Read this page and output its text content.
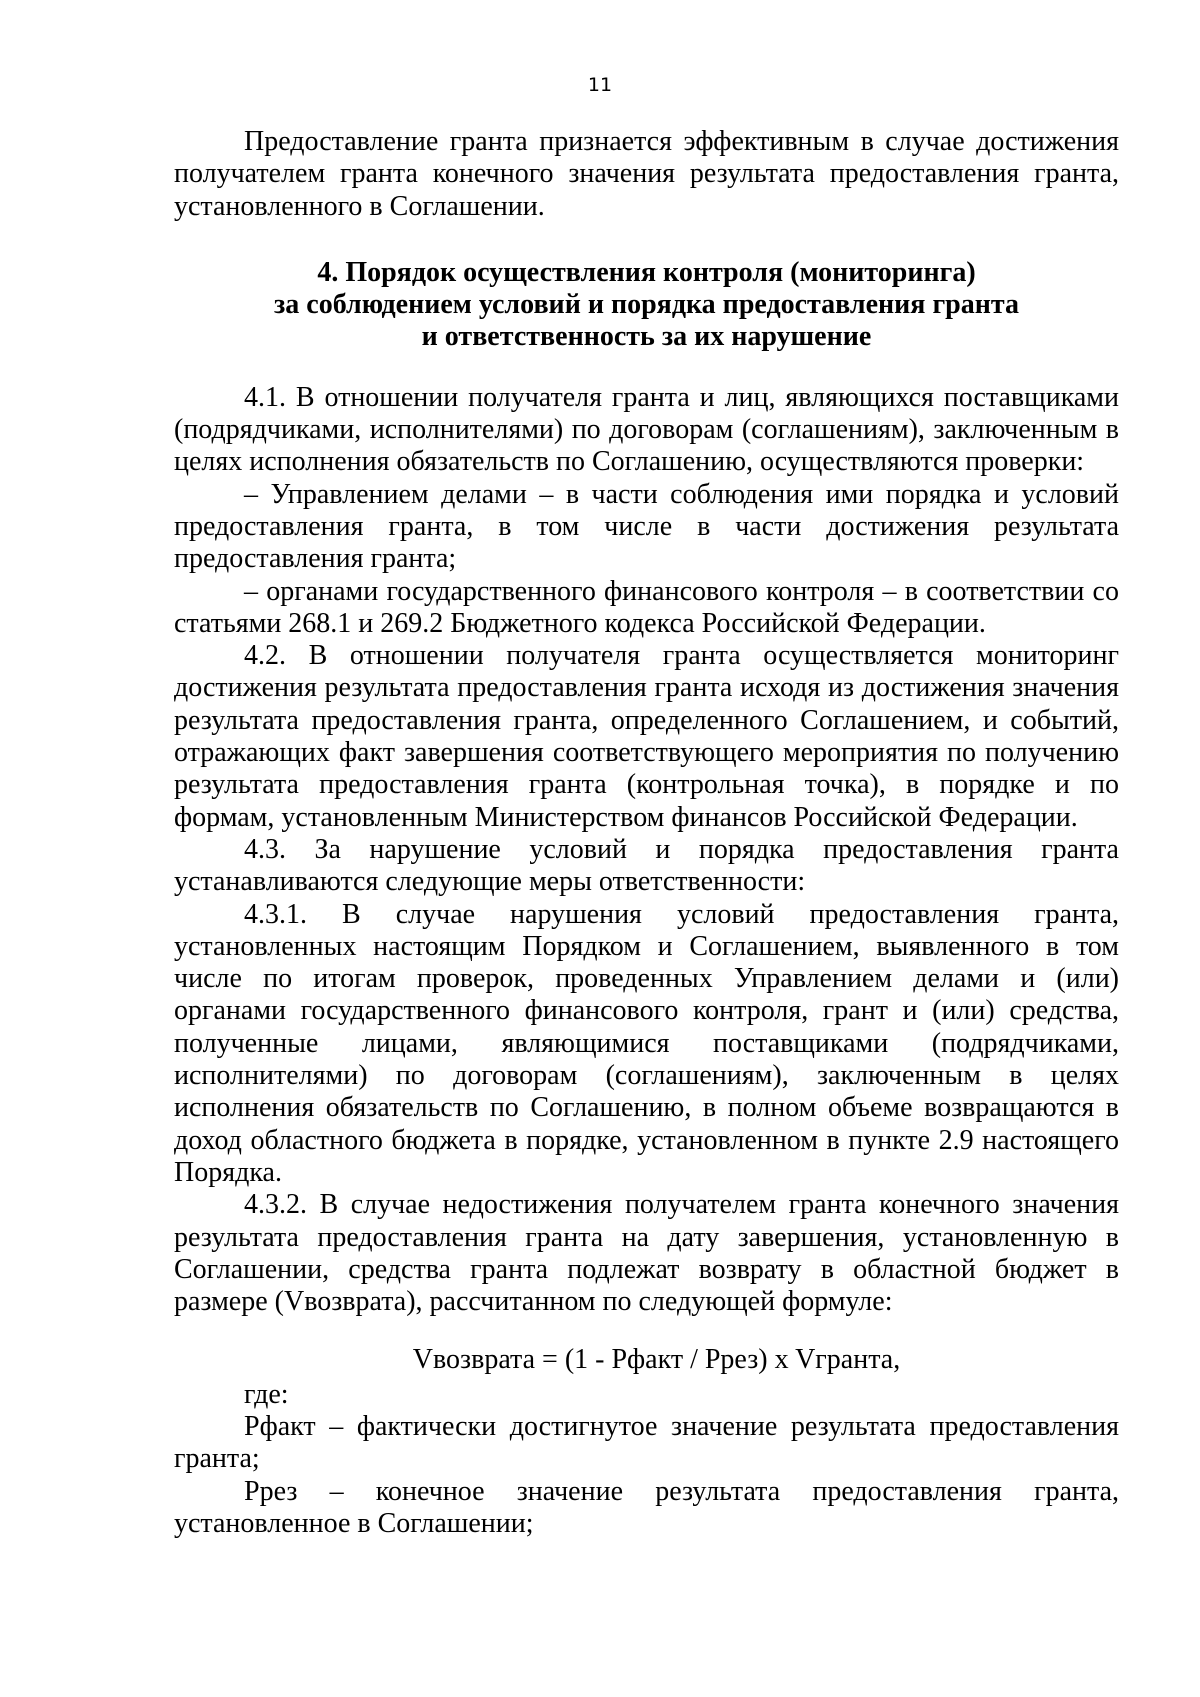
11

Предоставление гранта признается эффективным в случае достижения получателем гранта конечного значения результата предоставления гранта, установленного в Соглашении.

4. Порядок осуществления контроля (мониторинга)
за соблюдением условий и порядка предоставления гранта
и ответственность за их нарушение

4.1. В отношении получателя гранта и лиц, являющихся поставщиками (подрядчиками, исполнителями) по договорам (соглашениям), заключенным в целях исполнения обязательств по Соглашению, осуществляются проверки:

– Управлением делами – в части соблюдения ими порядка и условий предоставления гранта, в том числе в части достижения результата предоставления гранта;

– органами государственного финансового контроля – в соответствии со статьями 268.1 и 269.2 Бюджетного кодекса Российской Федерации.

4.2. В отношении получателя гранта осуществляется мониторинг достижения результата предоставления гранта исходя из достижения значения результата предоставления гранта, определенного Соглашением, и событий, отражающих факт завершения соответствующего мероприятия по получению результата предоставления гранта (контрольная точка), в порядке и по формам, установленным Министерством финансов Российской Федерации.

4.3. За нарушение условий и порядка предоставления гранта устанавливаются следующие меры ответственности:

4.3.1. В случае нарушения условий предоставления гранта, установленных настоящим Порядком и Соглашением, выявленного в том числе по итогам проверок, проведенных Управлением делами и (или) органами государственного финансового контроля, грант и (или) средства, полученные лицами, являющимися поставщиками (подрядчиками, исполнителями) по договорам (соглашениям), заключенным в целях исполнения обязательств по Соглашению, в полном объеме возвращаются в доход областного бюджета в порядке, установленном в пункте 2.9 настоящего Порядка.

4.3.2. В случае недостижения получателем гранта конечного значения результата предоставления гранта на дату завершения, установленную в Соглашении, средства гранта подлежат возврату в областной бюджет в размере (Vвозврата), рассчитанном по следующей формуле:

Vвозврата = (1 - Рфакт / Ррез) x Vгранта,

где:

Рфакт – фактически достигнутое значение результата предоставления гранта;

Ррез – конечное значение результата предоставления гранта, установленное в Соглашении;
